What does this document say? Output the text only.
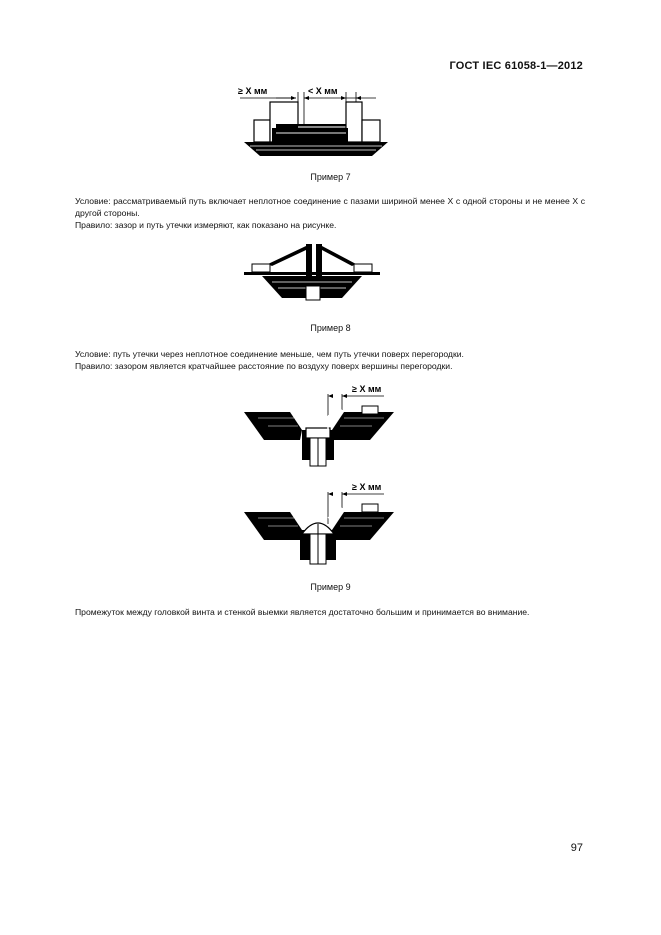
ГОСТ IEC 61058-1—2012
≥ X мм	< X мм
Пример 7

Условие: рассматриваемый путь включает неплотное соединение с пазами шириной менее X с одной стороны и не менее X с другой стороны.

Правило: зазор и путь утечки измеряют, как показано на рисунке.

Пример 8

Условие: путь утечки через неплотное соединение меньше, чем путь утечки поверх перегородки.

Правило: зазором является кратчайшее расстояние по воздуху поверх вершины перегородки.

≥ X мм
≥ X мм
Пример 9

Промежуток между головкой винта и стенкой выемки является достаточно большим и принимается во внимание.

97
